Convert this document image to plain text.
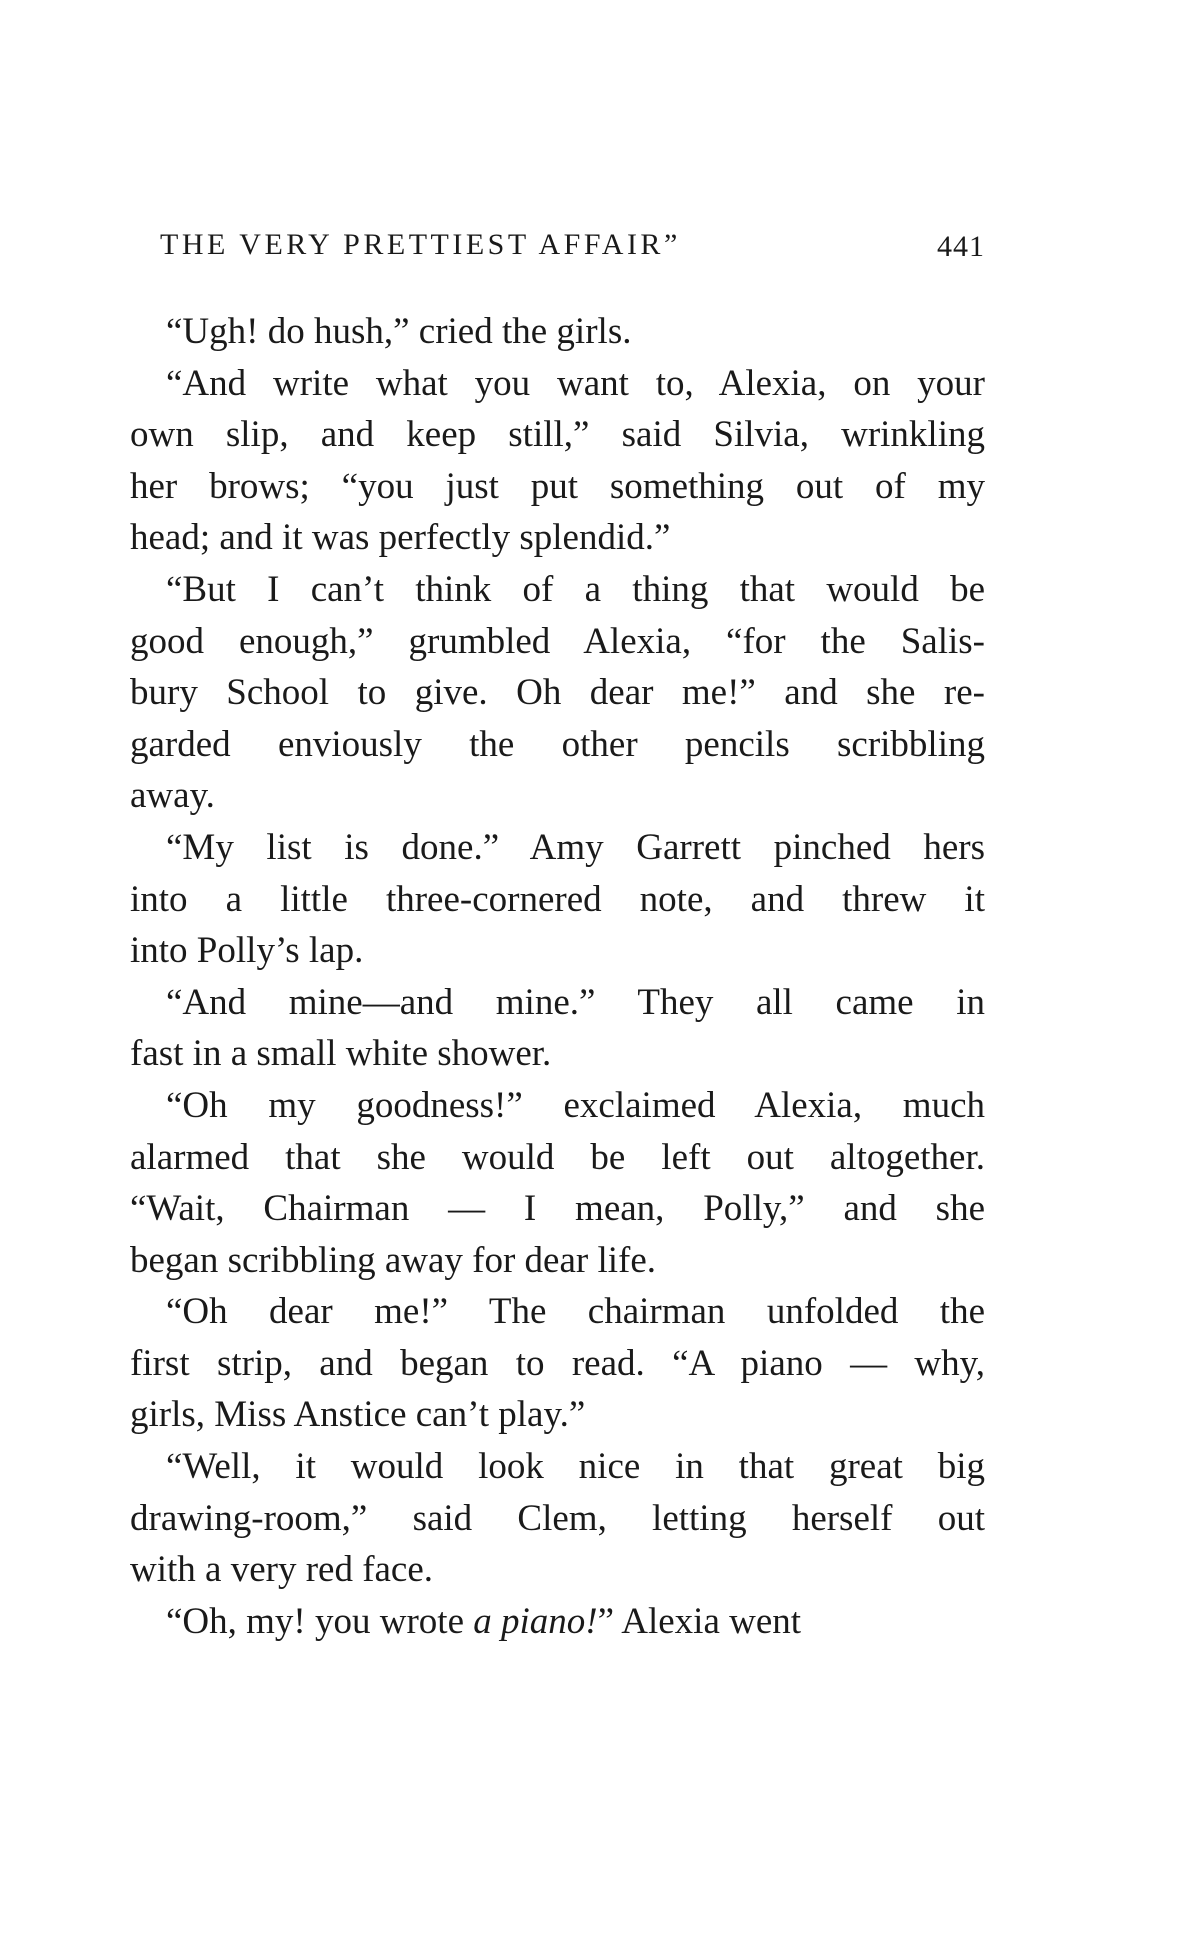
THE VERY PRETTIEST AFFAIR”	441
“Ugh! do hush,” cried the girls.
“And write what you want to, Alexia, on your
own slip, and keep still,” said Silvia, wrinkling
her brows; “you just put something out of my
head; and it was perfectly splendid.”
“But I can’t think of a thing that would be
good enough,” grumbled Alexia, “for the Salis-
bury School to give. Oh dear me!” and she re-
garded enviously the other pencils scribbling
away.
“My list is done.” Amy Garrett pinched hers
into a little three-cornered note, and threw it
into Polly’s lap.
“And mine—and mine.” They all came in
fast in a small white shower.
“Oh my goodness!” exclaimed Alexia, much
alarmed that she would be left out altogether.
“Wait, Chairman — I mean, Polly,” and she
began scribbling away for dear life.
“Oh dear me!” The chairman unfolded the
first strip, and began to read. “A piano — why,
girls, Miss Anstice can’t play.”
“Well, it would look nice in that great big
drawing-room,” said Clem, letting herself out
with a very red face.
“Oh, my! you wrote a piano!” Alexia went
